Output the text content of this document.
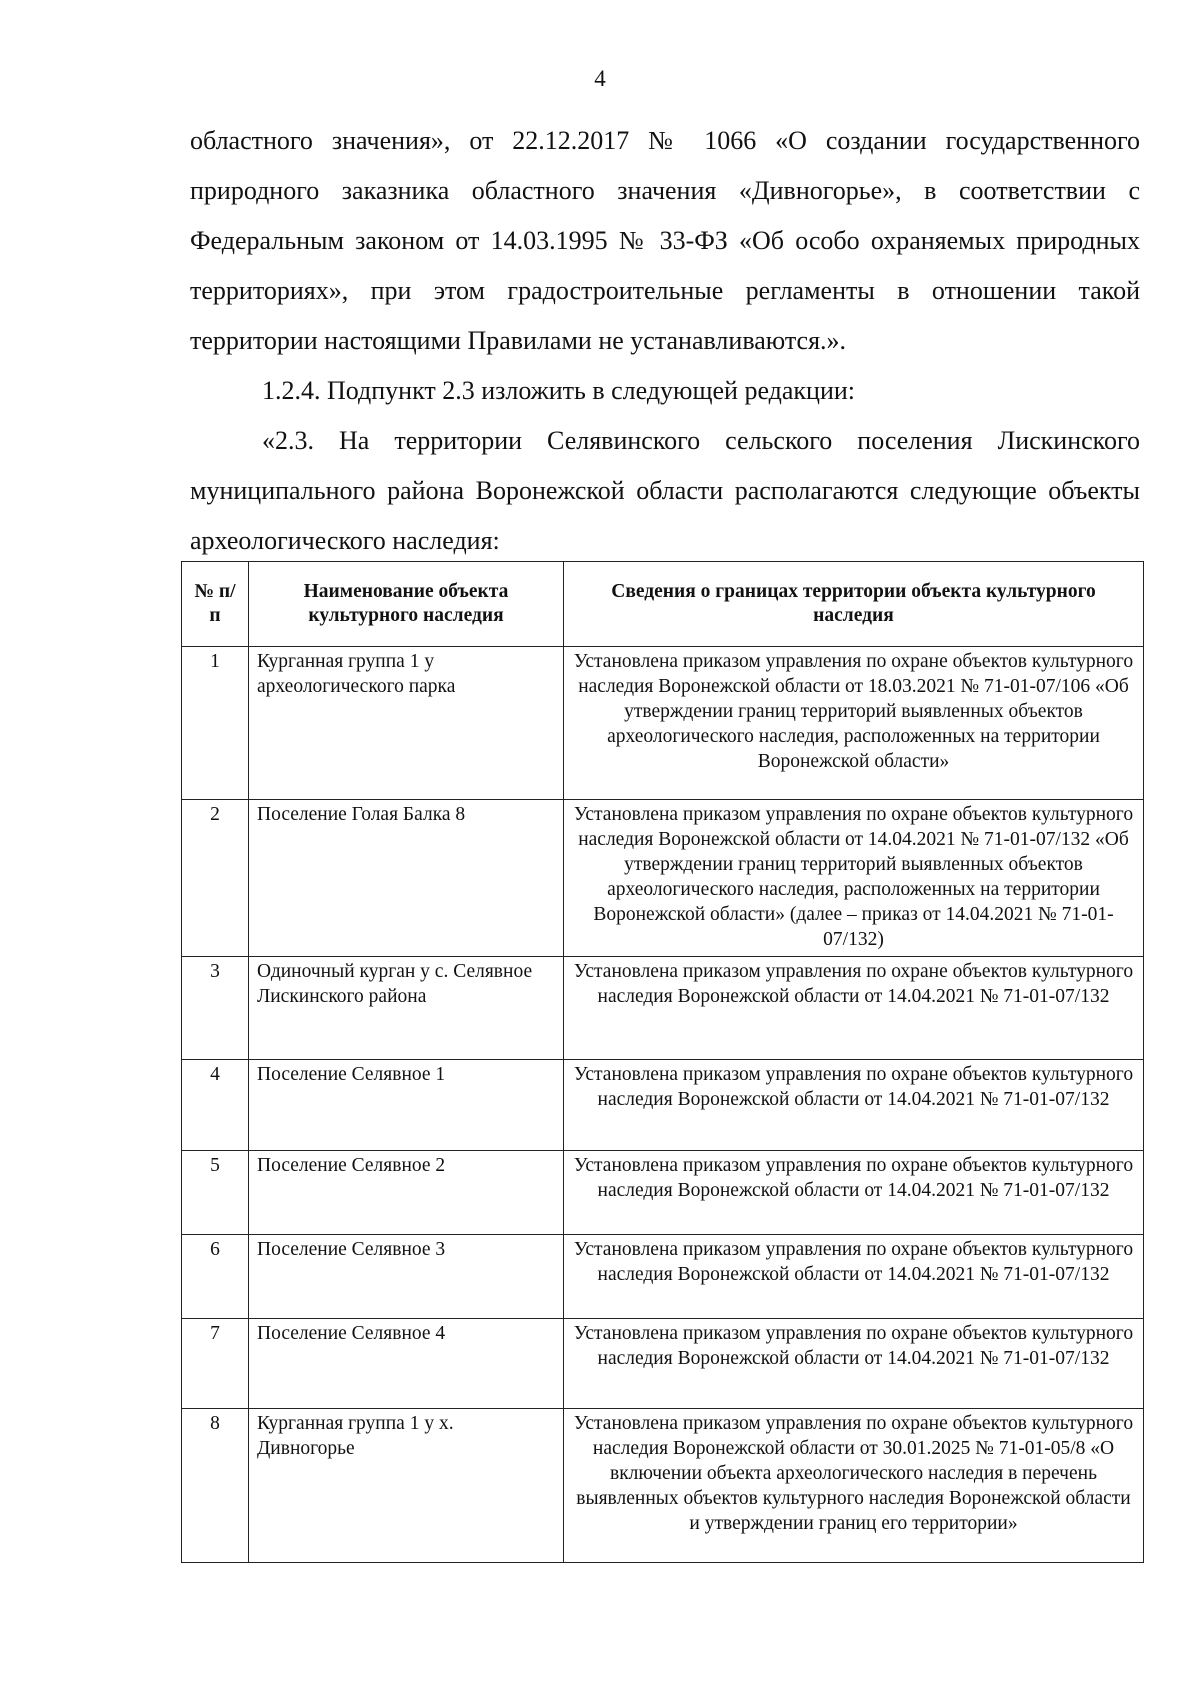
4

областного значения», от 22.12.2017 № 1066 «О создании государственного природного заказника областного значения «Дивногорье», в соответствии с Федеральным законом от 14.03.1995 № 33-ФЗ «Об особо охраняемых природных территориях», при этом градостроительные регламенты в отношении такой территории настоящими Правилами не устанавливаются.».

1.2.4. Подпункт 2.3 изложить в следующей редакции:

«2.3. На территории Селявинского сельского поселения Лискинского муниципального района Воронежской области располагаются следующие объекты археологического наследия:

№ п/п	Наименование объекта культурного наследия	Сведения о границах территории объекта культурного наследия
1	Курганная группа 1 у археологического парка	Установлена приказом управления по охране объектов культурного наследия Воронежской области от 18.03.2021 № 71-01-07/106 «Об утверждении границ территорий выявленных объектов археологического наследия, расположенных на территории Воронежской области»
2	Поселение Голая Балка 8	Установлена приказом управления по охране объектов культурного наследия Воронежской области от 14.04.2021 № 71-01-07/132 «Об утверждении границ территорий выявленных объектов археологического наследия, расположенных на территории Воронежской области» (далее – приказ от 14.04.2021 № 71-01-07/132)
3	Одиночный курган у с. Селявное Лискинского района	Установлена приказом управления по охране объектов культурного наследия Воронежской области от 14.04.2021 № 71-01-07/132
4	Поселение Селявное 1	Установлена приказом управления по охране объектов культурного наследия Воронежской области от 14.04.2021 № 71-01-07/132
5	Поселение Селявное 2	Установлена приказом управления по охране объектов культурного наследия Воронежской области от 14.04.2021 № 71-01-07/132
6	Поселение Селявное 3	Установлена приказом управления по охране объектов культурного наследия Воронежской области от 14.04.2021 № 71-01-07/132
7	Поселение Селявное 4	Установлена приказом управления по охране объектов культурного наследия Воронежской области от 14.04.2021 № 71-01-07/132
8	Курганная группа 1 у х. Дивногорье	Установлена приказом управления по охране объектов культурного наследия Воронежской области от 30.01.2025 № 71-01-05/8 «О включении объекта археологического наследия в перечень выявленных объектов культурного наследия Воронежской области и утверждении границ его территории»
